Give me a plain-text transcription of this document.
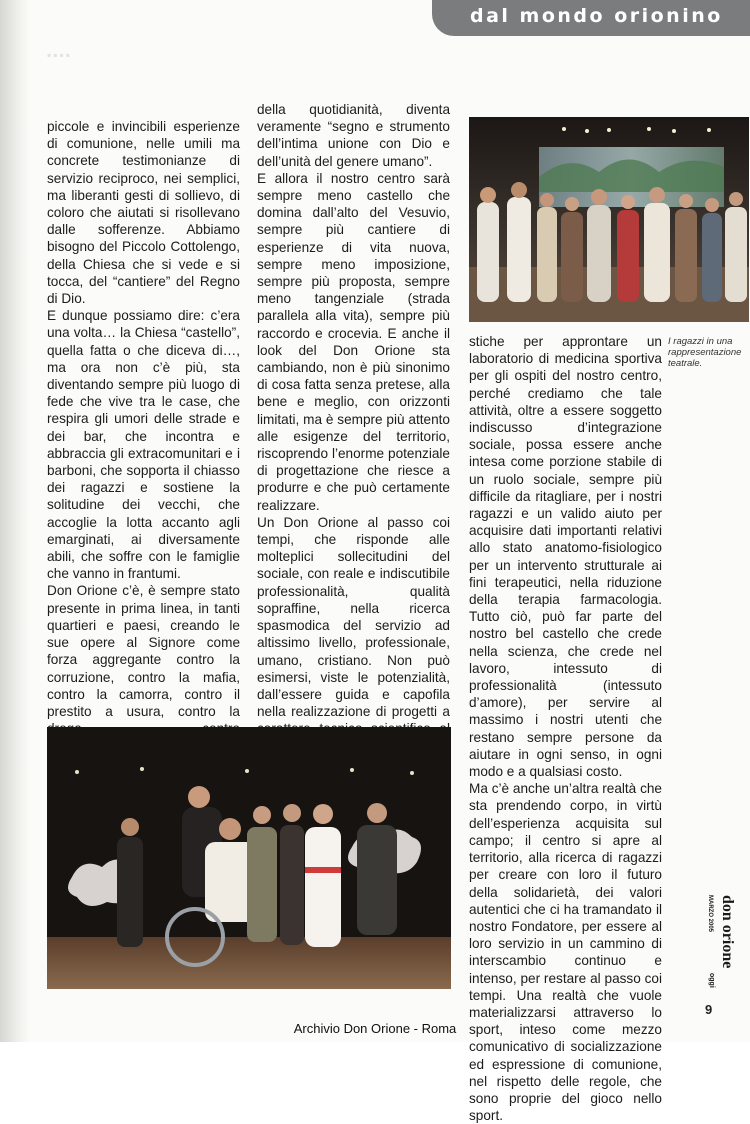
dal mondo orionino
▪▪▪▪

piccole e invincibili esperienze di comunione, nelle umili ma concrete testimonianze di servizio reciproco, nei semplici, ma liberanti gesti di sollievo, di coloro che aiutati si risollevano dalle sofferenze. Abbiamo bisogno del Piccolo Cottolengo, della Chiesa che si vede e si tocca, del “cantiere” del Regno di Dio.

E dunque possiamo dire: c’era una volta… la Chiesa “castello”, quella fatta o che diceva di…, ma ora non c’è più, sta diventando sempre più luogo di fede che vive tra le case, che respira gli umori delle strade e dei bar, che incontra e abbraccia gli extracomunitari e i barboni, che sopporta il chiasso dei ragazzi e sostiene la solitudine dei vecchi, che accoglie la lotta accanto agli emarginati, ai diversamente abili, che soffre con le famiglie che vanno in frantumi.

Don Orione c’è, è sempre stato presente in prima linea, in tanti quartieri e paesi, creando le sue opere al Signore come forza aggregante contro la corruzione, contro la mafia, contro la camorra, contro il prestito a usura, contro la

della quotidianità, diventa veramente “segno e strumento dell’intima unione con Dio e dell’unità del genere umano”.

E allora il nostro centro sarà sempre meno castello che domina dall’alto del Vesuvio, sempre più cantiere di esperienze di vita nuova, sempre meno imposizione, sempre più proposta, sempre meno tangenziale (strada parallela alla vita), sempre più raccordo e crocevia. E anche il look del Don Orione sta cambiando, non è più sinonimo di cosa fatta senza pretese, alla bene e meglio, con orizzonti limitati, ma è sempre più attento alle esigenze del territorio, riscoprendo l’enorme potenziale di progettazione che riesce a produrre e che può certamente realizzare.

Un Don Orione al passo coi tempi, che risponde alle molteplici sollecitudini del sociale, con reale e indiscutibile professionalità, qualità sopraffine, nella ricerca spasmodica del servizio ad altissimo livello, professionale, umano, cristiano. Non può esimersi, viste le potenzialità, dall’essere guida e capofila nella realizzazione di progetti a

stiche per approntare un laboratorio di medicina sportiva per gli ospiti del nostro centro, perché crediamo che tale attività, oltre a essere soggetto indiscusso d’integrazione sociale, possa essere anche intesa come porzione stabile di un ruolo sociale, sempre più difficile da ritagliare, per i nostri ragazzi e un valido aiuto per acquisire dati importanti relativi allo stato anatomo-fisiologico per un intervento strutturale ai fini terapeutici, nella riduzione della terapia farmacologia. Tutto ciò, può far parte del nostro bel castello che crede nella scienza, che crede nel lavoro, intessuto di professionalità (intessuto d’amore), per servire al massimo i nostri utenti che restano sempre persone da aiutare in ogni senso, in ogni modo e a qualsiasi costo.

Ma c’è anche un’altra realtà che sta prendendo corpo, in virtù dell’esperienza acquisita sul campo; il centro si apre al territorio, alla ricerca di ragazzi per creare con loro il futuro della solidarietà, dei valori autentici che ci ha tramandato il nostro Fondatore, per essere al loro servizio in un cammino di interscambio continuo e intenso, per restare al passo coi tempi. Una realtà che vuole materializzarsi attraverso lo sport, inteso come mezzo comunicativo di socializzazione ed espressione di comunione, nel rispetto delle regole, che sono proprie del gioco nello sport.

I ragazzi in una rappresentazione teatrale.
don orione
MARZO 2005
oggi
9
Archivio Don Orione - Roma
